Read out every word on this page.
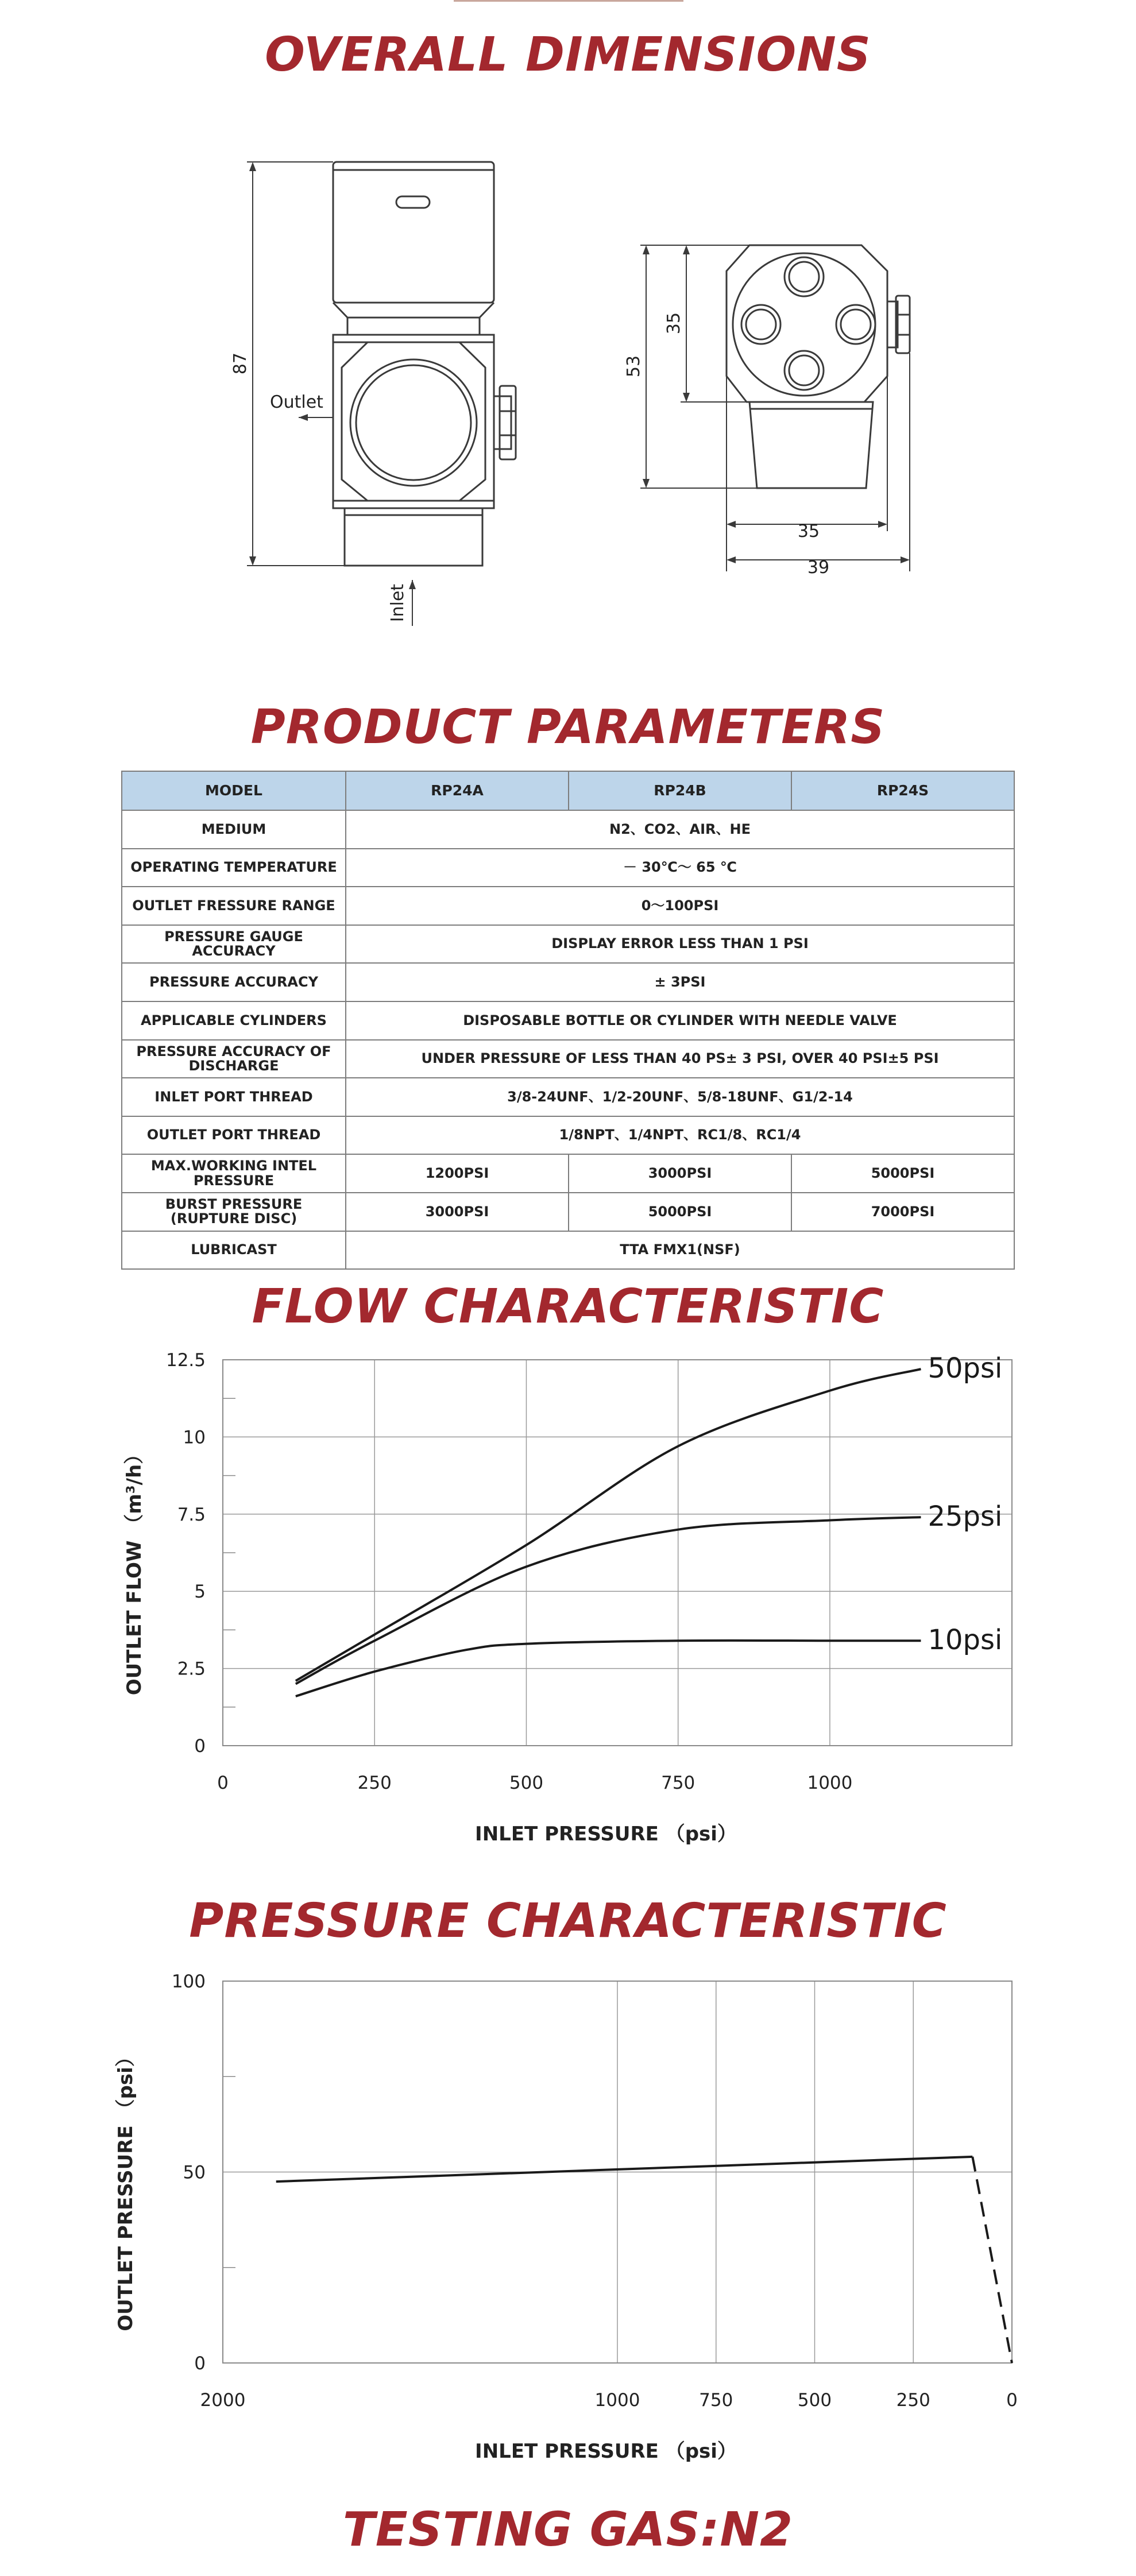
OVERALL DIMENSIONS
87
Outlet
Inlet
53
35
35
39
PRODUCT PARAMETERS
MODEL	RP24A	RP24B	RP24S
MEDIUM	N2、CO2、AIR、HE		
OPERATING TEMPERATURE	－ 30℃～ 65 ℃		
OUTLET FRESSURE RANGE	0～100PSI		
PRESSURE GAUGE ACCURACY	DISPLAY ERROR LESS THAN 1 PSI		
PRESSURE ACCURACY	± 3PSI		
APPLICABLE CYLINDERS	DISPOSABLE BOTTLE OR CYLINDER WITH NEEDLE VALVE		
PRESSURE ACCURACY OF DISCHARGE	UNDER PRESSURE OF LESS THAN 40 PS± 3 PSI, OVER 40 PSI±5 PSI		
INLET PORT THREAD	3/8-24UNF、1/2-20UNF、5/8-18UNF、G1/2-14		
OUTLET PORT THREAD	1/8NPT、1/4NPT、RC1/8、RC1/4		
MAX.WORKING INTEL PRESSURE	1200PSI	3000PSI	5000PSI
BURST PRESSURE (RUPTURE DISC)	3000PSI	5000PSI	7000PSI
LUBRICAST	TTA FMX1(NSF)		
FLOW CHARACTERISTIC
0	250	500	750	1000
0
2.5
5
7.5
10
12.5
INLET PRESSURE （psi）
OUTLET FLOW （m³/h）
50psi
25psi
10psi
PRESSURE CHARACTERISTIC
2000	1000	750	500	250	0
0
50
100
INLET PRESSURE （psi）
OUTLET PRESSURE （psi）
TESTING GAS:N2
